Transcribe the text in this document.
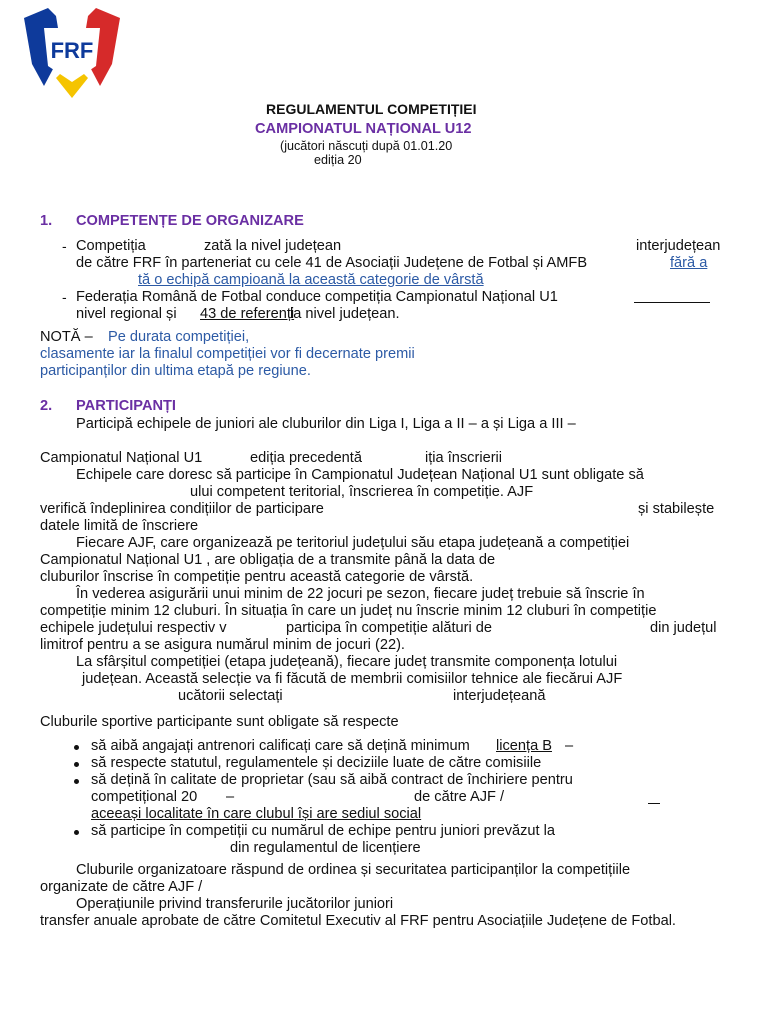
FRF
REGULAMENTUL COMPETIȚIEI
CAMPIONATUL NAȚIONAL U12
(jucători născuți după 01.01.20
ediția 20
1. COMPETENȚE DE ORGANIZARE
- Competiția	zată la nivel județean	interjudețean
de către FRF în parteneriat cu cele 41 de Asociații Județene de Fotbal și AMFB	fără a
tă o echipă campioană la această categorie de vârstă
- Federația Română de Fotbal conduce competiția Campionatul Național U1
nivel regional și 43 de referenți
la nivel județean.
NOTĂ – Pe durata competiției,
clasamente iar la finalul competiției vor fi decernate premii
participanților din ultima etapă pe regiune.
2. PARTICIPANȚI
Participă echipele de juniori ale cluburilor din Liga I, Liga a II – a și Liga a III –
Campionatul Național U1	ediția precedentă	iția înscrierii
Echipele care doresc să participe în Campionatul Județean Național U1 sunt obligate să
ului competent teritorial, înscrierea în competiție. AJF
verifică îndeplinirea condițiilor de participare	și stabilește
datele limită de înscriere
Fiecare AJF, care organizează pe teritoriul județului său etapa județeană a competiției
Campionatul Național U1 , are obligația de a transmite până la data de
cluburilor înscrise în competiție pentru această categorie de vârstă.
În vederea asigurării unui minim de 22 jocuri pe sezon, fiecare județ trebuie să înscrie în
competiție minim 12 cluburi. În situația în care un județ nu înscrie minim 12 cluburi în competiție
echipele județului respectiv v	participa în competiție alături de	din județul
limitrof pentru a se asigura numărul minim de jocuri (22).
La sfârșitul competiției (etapa județeană), fiecare județ transmite componența lotului
județean. Această selecție va fi făcută de membrii comisiilor tehnice ale fiecărui AJF
ucătorii selectați	interjudețeană
Cluburile sportive participante sunt obligate să respecte
să aibă angajați antrenori calificați care să dețină minimum licența B –
să respecte statutul, regulamentele și deciziile luate de către comisiile
să dețină în calitate de proprietar (sau să aibă contract de închiriere pentru
competițional 20 –	de către AJF /
aceeași localitate în care clubul își are sediul social
să participe în competiții cu numărul de echipe pentru juniori prevăzut la
din regulamentul de licențiere
Cluburile organizatoare răspund de ordinea și securitatea participanților la competițiile
organizate de către AJF /
Operațiunile privind transferurile jucătorilor juniori
transfer anuale aprobate de către Comitetul Executiv al FRF pentru Asociațiile Județene de Fotbal.
